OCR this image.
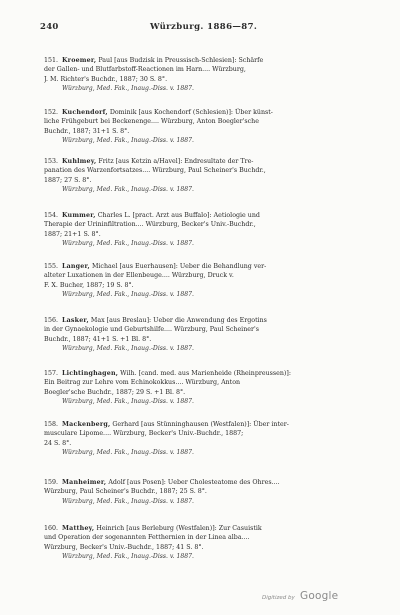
240	Würzburg. 1886—87.
151. Kroemer, Paul [aus Budzisk in Preussisch-Schlesien]: Schärfe
der Gallen- und Blutfarbstoff-Reactionen im Harn.... Würzburg,
J. M. Richter's Buchdr., 1887; 30 S. 8°.
Würzburg, Med. Fak., Inaug.-Diss. v. 1887.
152. Kuchendorf, Dominik [aus Kochendorf (Schlesien)]: Über künst-
liche Frühgeburt bei Beckenenge.... Würzburg, Anton Boegler'sche
Buchdr., 1887; 31+1 S. 8°.
Würzburg, Med. Fak., Inaug.-Diss. v. 1887.
153. Kuhlmey, Fritz [aus Ketzin a/Havel]: Endresultate der Tre-
panation des Warzenfortsatzes.... Würzburg, Paul Scheiner's Buchdr.,
1887; 27 S. 8°.
Würzburg, Med. Fak., Inaug.-Diss. v. 1887.
154. Kummer, Charles L. [pract. Arzt aus Buffalo]: Aetiologie und
Therapie der Urininfiltration.... Würzburg, Becker's Univ.-Buchdr.,
1887; 21+1 S. 8°.
Würzburg, Med. Fak., Inaug.-Diss. v. 1887.
155. Langer, Michael [aus Euerhausen]: Ueber die Behandlung ver-
alteter Luxationen in der Ellenbeuge.... Würzburg, Druck v.
F. X. Bucher, 1887; 19 S. 8°.
Würzburg, Med. Fak., Inaug.-Diss. v. 1887.
156. Lasker, Max [aus Breslau]: Ueber die Anwendung des Ergotins
in der Gynaekologie und Geburtshilfe.... Würzburg, Paul Scheiner's
Buchdr., 1887; 41+1 S. +1 Bl. 8°.
Würzburg, Med. Fak., Inaug.-Diss. v. 1887.
157. Lichtinghagen, Wilh. [cand. med. aus Marienheide (Rheinpreussen)]:
Ein Beitrag zur Lehre vom Echinokokkus.... Würzburg, Anton
Boegler'sche Buchdr., 1887; 29 S. +1 Bl. 8°.
Würzburg, Med. Fak., Inaug.-Diss. v. 1887.
158. Mackenberg, Gerhard [aus Stünninghausen (Westfalen)]: Über inter-
musculare Lipome.... Würzburg, Becker's Univ.-Buchdr., 1887;
24 S. 8°.
Würzburg, Med. Fak., Inaug.-Diss. v. 1887.
159. Manheimer, Adolf [aus Posen]: Ueber Cholesteatome des Ohres....
Würzburg, Paul Scheiner's Buchdr., 1887; 25 S. 8°.
Würzburg, Med. Fak., Inaug.-Diss. v. 1887.
160. Matthey, Heinrich [aus Berleburg (Westfalen)]: Zur Casuistik
und Operation der sogenannten Fetthernien in der Linea alba....
Würzburg, Becker's Univ.-Buchdr., 1887; 41 S. 8°.
Würzburg, Med. Fak., Inaug.-Diss. v. 1887.
Digitized by Google
